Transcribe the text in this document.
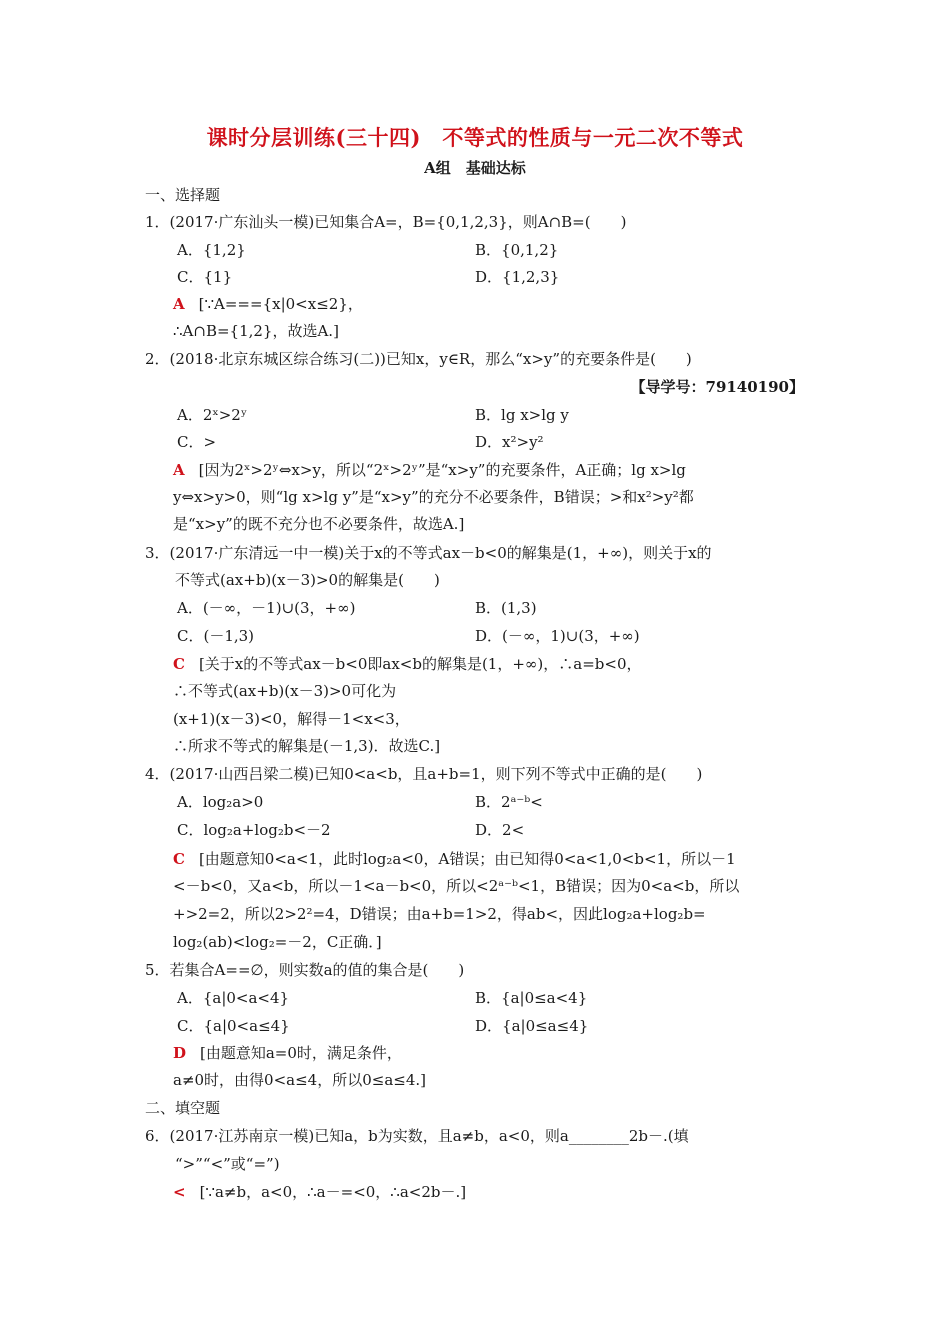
课时分层训练(三十四)　不等式的性质与一元二次不等式
A组　基础达标
一、选择题
1．(2017·广东汕头一模)已知集合A=，B={0,1,2,3}，则A∩B=(　　)
A．{1,2}	B．{0,1,2}
C．{1}	D．{1,2,3}
A [∵A==={x|0<x≤2}，
∴A∩B={1,2}，故选A.]
2．(2018·北京东城区综合练习(二))已知x，y∈R，那么“x>y”的充要条件是(　　)
【导学号：79140190】
A．2ˣ>2ʸ	B．lg x>lg y
C．>	D．x²>y²
A [因为2ˣ>2ʸ⇔x>y，所以“2ˣ>2ʸ”是“x>y”的充要条件，A正确；lg x>lg
y⇔x>y>0，则“lg x>lg y”是“x>y”的充分不必要条件，B错误；>和x²>y²都
是“x>y”的既不充分也不必要条件，故选A.]
3．(2017·广东清远一中一模)关于x的不等式ax－b<0的解集是(1，+∞)，则关于x的
不等式(ax+b)(x－3)>0的解集是(　　)
A．(－∞，－1)∪(3，+∞)	B．(1,3)
C．(－1,3)	D．(－∞，1)∪(3，+∞)
C [关于x的不等式ax－b<0即ax<b的解集是(1，+∞)，∴a=b<0，
∴不等式(ax+b)(x－3)>0可化为
(x+1)(x－3)<0，解得－1<x<3，
∴所求不等式的解集是(－1,3)．故选C.]
4．(2017·山西吕梁二模)已知0<a<b，且a+b=1，则下列不等式中正确的是(　　)
A．log₂a>0	B．2ᵃ⁻ᵇ<
C．log₂a+log₂b<－2	D．2<
C [由题意知0<a<1，此时log₂a<0，A错误；由已知得0<a<1,0<b<1，所以－1
<－b<0，又a<b，所以－1<a－b<0，所以<2ᵃ⁻ᵇ<1，B错误；因为0<a<b，所以
+>2=2，所以2>2²=4，D错误；由a+b=1>2，得ab<，因此log₂a+log₂b=
log₂(ab)<log₂=－2，C正确．]
5．若集合A==∅，则实数a的值的集合是(　　)
A．{a|0<a<4}	B．{a|0≤a<4}
C．{a|0<a≤4}	D．{a|0≤a≤4}
D [由题意知a=0时，满足条件，
a≠0时，由得0<a≤4，所以0≤a≤4.]
二、填空题
6．(2017·江苏南京一模)已知a，b为实数，且a≠b，a<0，则a________2b－.(填
“>”“<”或“=”)
< [∵a≠b，a<0，∴a－=<0，∴a<2b－.]
